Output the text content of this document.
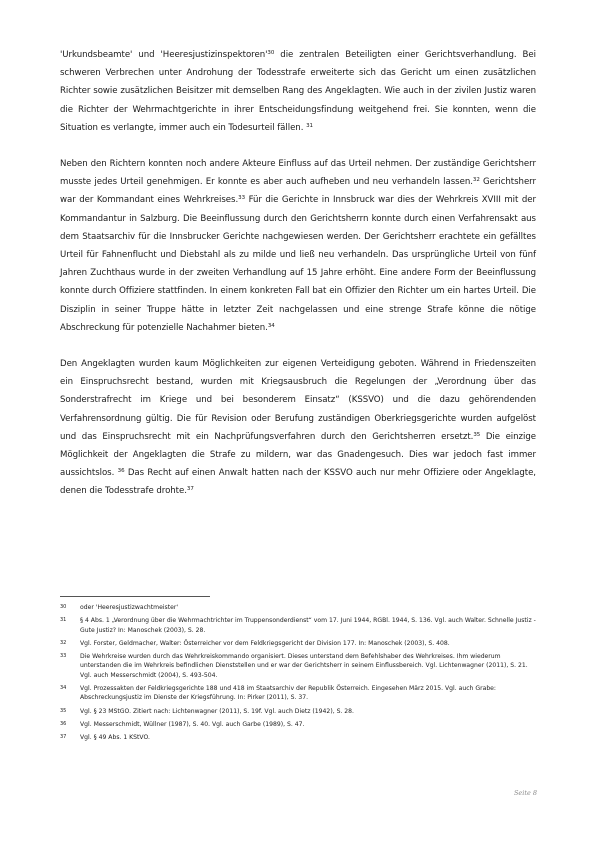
'Urkundsbeamte' und '$Heeresjustizinspektoren'^{30}$ die zentralen Beteiligten einer Gerichtsverhandlung. Bei schweren Verbrechen unter Androhung der Todesstrafe erweiterte sich das Gericht um einen zusätzlichen Richter sowie zusätzlichen Beisitzer mit demselben Rang des Angeklagten. Wie auch in der zivilen Justiz waren die Richter der Wehrmachtgerichte in ihrer Entscheidungsfindung weitgehend frei. Sie konnten, wenn die Situation es verlangte, immer auch ein Todesurteil fällen. $^{31}$

Neben den Richtern konnten noch andere Akteure Einfluss auf das Urteil nehmen. Der zuständige Gerichtsherr musste jedes Urteil genehmigen. Er konnte es aber auch aufheben und neu verhandeln lassen.$^{32}$ Gerichtsherr war der Kommandant eines Wehrkreises.$^{33}$ Für die Gerichte in Innsbruck war dies der Wehrkreis XVIII mit der Kommandantur in Salzburg. Die Beeinflussung durch den Gerichtsherrn konnte durch einen Verfahrensakt aus dem Staatsarchiv für die Innsbrucker Gerichte nachgewiesen werden. Der Gerichtsherr erachtete ein gefälltes Urteil für Fahnenflucht und Diebstahl als zu milde und ließ neu verhandeln. Das ursprüngliche Urteil von fünf Jahren Zuchthaus wurde in der zweiten Verhandlung auf 15 Jahre erhöht. Eine andere Form der Beeinflussung konnte durch Offiziere stattfinden. In einem konkreten Fall bat ein Offizier den Richter um ein hartes Urteil. Die Disziplin in seiner Truppe hätte in letzter Zeit nachgelassen und eine strenge Strafe könne die nötige Abschreckung für potenzielle Nachahmer bieten.$^{34}$

Den Angeklagten wurden kaum Möglichkeiten zur eigenen Verteidigung geboten. Während in Friedenszeiten ein Einspruchsrecht bestand, wurden mit Kriegsausbruch die Regelungen der „Verordnung über das Sonderstrafrecht im Kriege und bei besonderem Einsatz“ (KSSVO) und die dazu gehörendenden Verfahrensordnung gültig. Die für Revision oder Berufung zuständigen Oberkriegsgerichte wurden aufgelöst und das Einspruchsrecht mit ein Nachprüfungsverfahren durch den Gerichtsherren ersetzt.$^{35}$ Die einzige Möglichkeit der Angeklagten die Strafe zu mildern, war das Gnadengesuch. Dies war jedoch fast immer aussichtslos. $^{36}$ Das Recht auf einen Anwalt hatten nach der KSSVO auch nur mehr Offiziere oder Angeklagte, denen die Todesstrafe drohte.$^{37}$

30	oder 'Heeresjustizwachtmeister'
31	§ 4 Abs. 1 „Verordnung über die Wehrmachtrichter im Truppensonderdienst“ vom 17. Juni 1944, RGBl. 1944, S. 136. Vgl. auch Walter. Schnelle Justiz - Gute Justiz? In: Manoschek (2003), S. 28.
32	Vgl. Forster, Geldmacher, Walter: Österreicher vor dem Feldkriegsgericht der Division 177. In: Manoschek (2003), S. 408.
33	Die Wehrkreise wurden durch das Wehrkreiskommando organisiert. Dieses unterstand dem Befehlshaber des Wehrkreises. Ihm wiederum unterstanden die im Wehrkreis befindlichen Dienststellen und er war der Gerichtsherr in seinem Einflussbereich. Vgl. Lichtenwagner (2011), S. 21. Vgl. auch Messerschmidt (2004), S. 493-504.
34	Vgl. Prozessakten der Feldkriegsgerichte 188 und 418 im Staatsarchiv der Republik Österreich. Eingesehen März 2015. Vgl. auch Grabe: Abschreckungsjustiz im Dienste der Kriegsführung. In: Pirker (2011), S. 37.
35	Vgl. § 23 MStGO. Zitiert nach: Lichtenwagner (2011), S. 19f. Vgl. auch Dietz (1942), S. 28.
36	Vgl. Messerschmidt, Wüllner (1987), S. 40. Vgl. auch Garbe (1989), S. 47.
37	Vgl. § 49 Abs. 1 KStVO.
Seite 8
